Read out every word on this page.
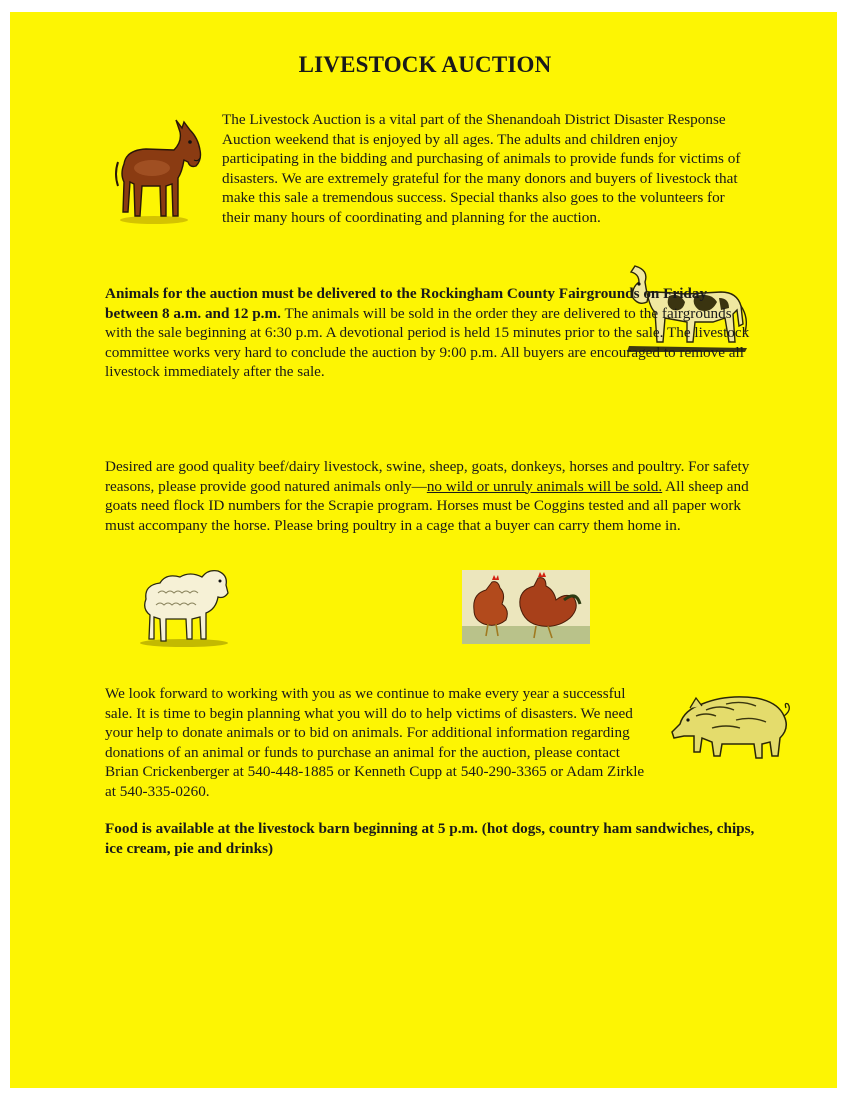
LIVESTOCK AUCTION
The Livestock Auction is a vital part of the Shenandoah District Disaster Response Auction weekend that is enjoyed by all ages. The adults and children enjoy participating in the bidding and purchasing of animals to provide funds for victims of disasters. We are extremely grateful for the many donors and buyers of livestock that make this sale a tremendous success. Special thanks also goes to the volunteers for their many hours of coordinating and planning for the auction.
Animals for the auction must be delivered to the Rockingham County Fairgrounds on Friday between 8 a.m. and 12 p.m. The animals will be sold in the order they are delivered to the fairgrounds with the sale beginning at 6:30 p.m. A devotional period is held 15 minutes prior to the sale. The livestock committee works very hard to conclude the auction by 9:00 p.m. All buyers are encouraged to remove all livestock immediately after the sale.
Desired are good quality beef/dairy livestock, swine, sheep, goats, donkeys, horses and poultry. For safety reasons, please provide good natured animals only—no wild or unruly animals will be sold. All sheep and goats need flock ID numbers for the Scrapie program. Horses must be Coggins tested and all paper work must accompany the horse. Please bring poultry in a cage that a buyer can carry them home in.
We look forward to working with you as we continue to make every year a successful sale. It is time to begin planning what you will do to help victims of disasters. We need your help to donate animals or to bid on animals. For additional information regarding donations of an animal or funds to purchase an animal for the auction, please contact Brian Crickenberger at 540-448-1885 or Kenneth Cupp at 540-290-3365 or Adam Zirkle at 540-335-0260.
Food is available at the livestock barn beginning at 5 p.m. (hot dogs, country ham sandwiches, chips, ice cream, pie and drinks)
